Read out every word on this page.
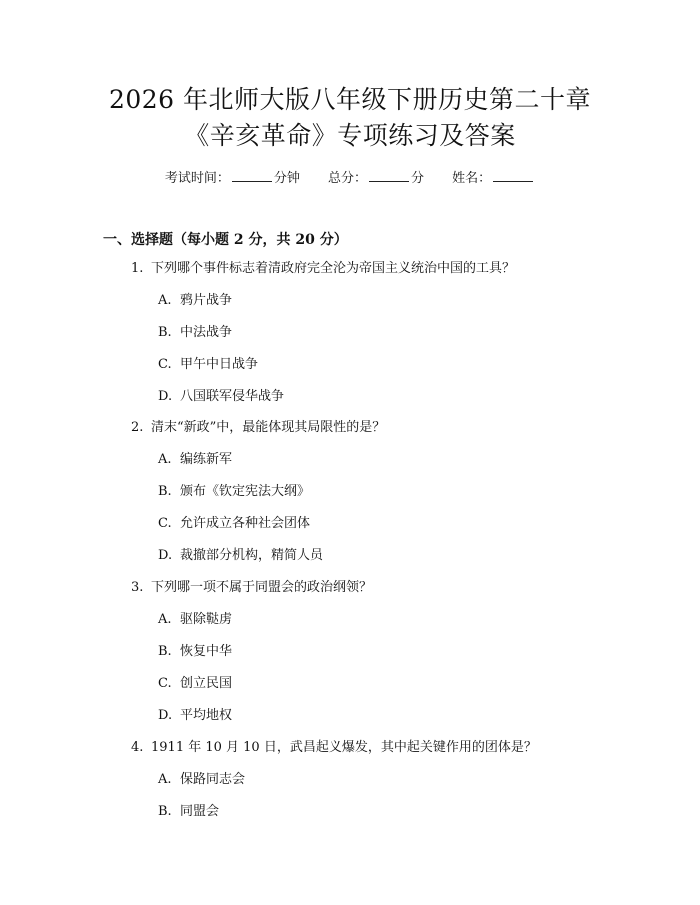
2026 年北师大版八年级下册历史第二十章
《辛亥革命》专项练习及答案
考试时间：	分钟 总分：	分 姓名：
一、选择题（每小题 2 分，共 20 分）
1. 下列哪个事件标志着清政府完全沦为帝国主义统治中国的工具？
A. 鸦片战争
B. 中法战争
C. 甲午中日战争
D. 八国联军侵华战争
2. 清末“新政”中，最能体现其局限性的是？
A. 编练新军
B. 颁布《钦定宪法大纲》
C. 允许成立各种社会团体
D. 裁撤部分机构，精简人员
3. 下列哪一项不属于同盟会的政治纲领？
A. 驱除鞑虏
B. 恢复中华
C. 创立民国
D. 平均地权
4. 1911 年 10 月 10 日，武昌起义爆发，其中起关键作用的团体是？
A. 保路同志会
B. 同盟会
